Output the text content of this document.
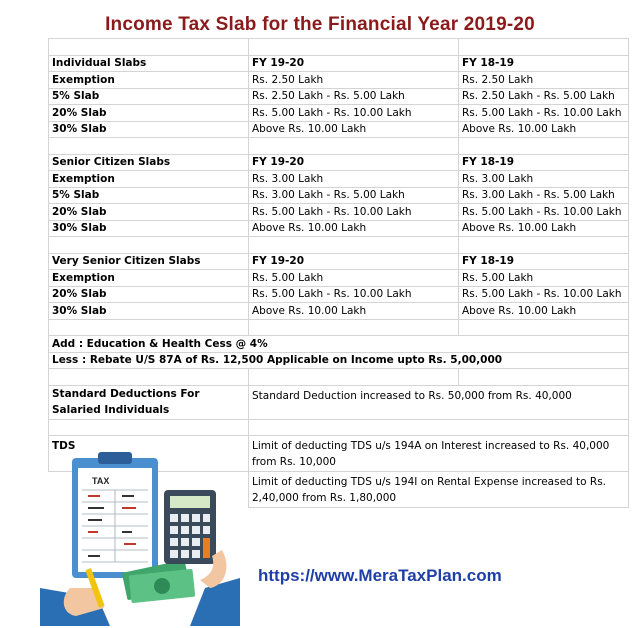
Income Tax Slab for the Financial Year 2019-20

Individual Slabs	FY 19-20	FY 18-19
Exemption	Rs. 2.50 Lakh	Rs. 2.50 Lakh
5% Slab	Rs. 2.50 Lakh - Rs. 5.00 Lakh	Rs. 2.50 Lakh - Rs. 5.00 Lakh
20% Slab	Rs. 5.00 Lakh - Rs. 10.00 Lakh	Rs. 5.00 Lakh - Rs. 10.00 Lakh
30% Slab	Above Rs. 10.00 Lakh	Above Rs. 10.00 Lakh

Senior Citizen Slabs	FY 19-20	FY 18-19
Exemption	Rs. 3.00 Lakh	Rs. 3.00 Lakh
5% Slab	Rs. 3.00 Lakh - Rs. 5.00 Lakh	Rs. 3.00 Lakh - Rs. 5.00 Lakh
20% Slab	Rs. 5.00 Lakh - Rs. 10.00 Lakh	Rs. 5.00 Lakh - Rs. 10.00 Lakh
30% Slab	Above Rs. 10.00 Lakh	Above Rs. 10.00 Lakh

Very Senior Citizen Slabs	FY 19-20	FY 18-19
Exemption	Rs. 5.00 Lakh	Rs. 5.00 Lakh
20% Slab	Rs. 5.00 Lakh - Rs. 10.00 Lakh	Rs. 5.00 Lakh - Rs. 10.00 Lakh
30% Slab	Above Rs. 10.00 Lakh	Above Rs. 10.00 Lakh

Add : Education & Health Cess @ 4%		
Less : Rebate U/S 87A of Rs. 12,500 Applicable on Income upto Rs. 5,00,000		

Standard Deductions For Salaried Individuals	Standard Deduction increased to Rs. 50,000 from Rs. 40,000	

TDS	Limit of deducting TDS u/s 194A on Interest increased to Rs. 40,000 from Rs. 10,000	
	Limit of deducting TDS u/s 194I on Rental Expense increased to Rs. 2,40,000 from Rs. 1,80,000	
TAX
https://www.MeraTaxPlan.com
